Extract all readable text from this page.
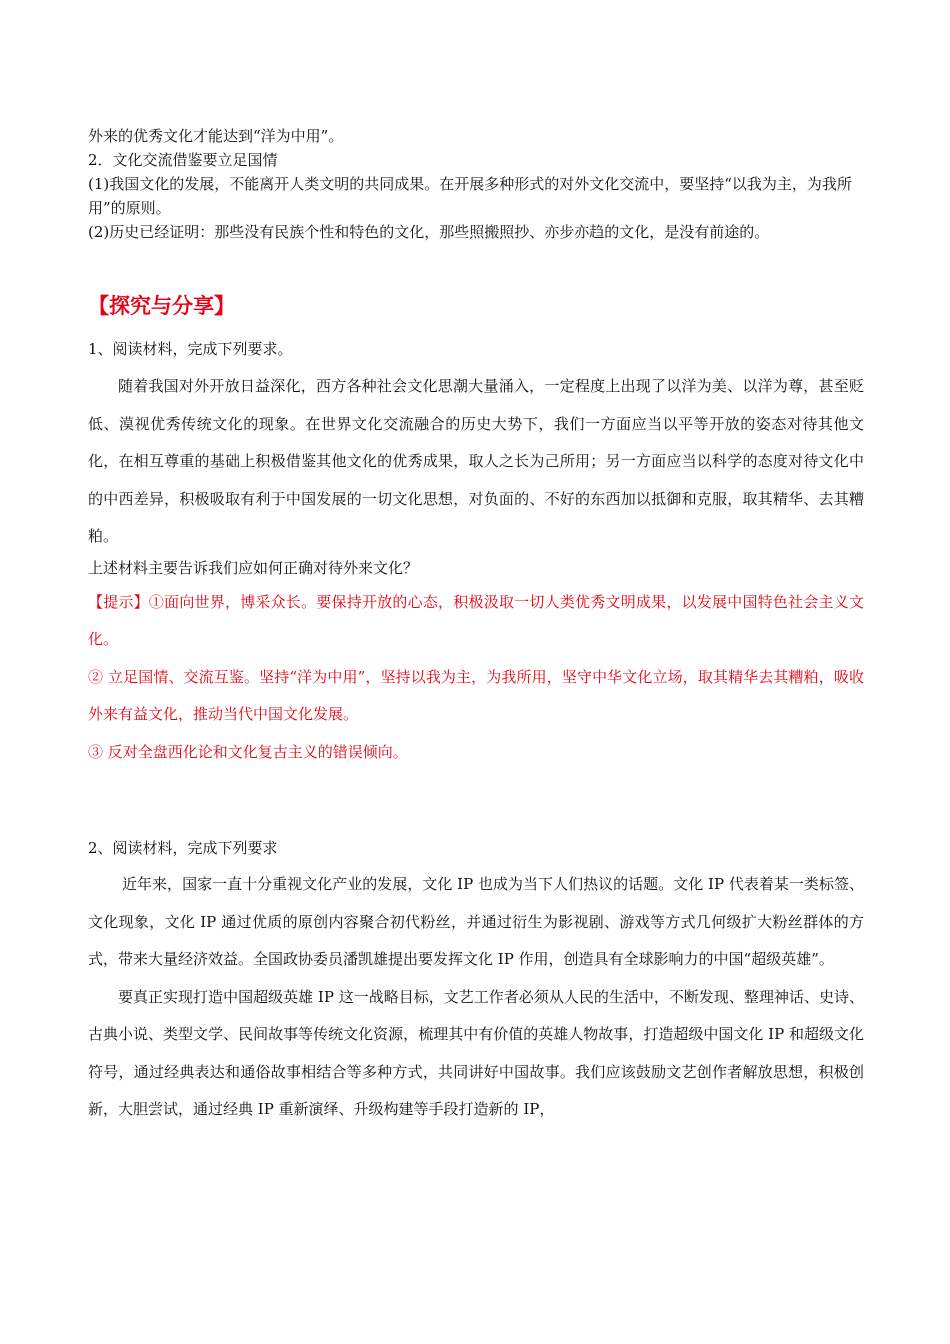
外来的优秀文化才能达到“洋为中用”。

2．文化交流借鉴要立足国情

(1)我国文化的发展，不能离开人类文明的共同成果。在开展多种形式的对外文化交流中，要坚持“以我为主，为我所用”的原则。

(2)历史已经证明：那些没有民族个性和特色的文化，那些照搬照抄、亦步亦趋的文化，是没有前途的。

【探究与分享】

1、阅读材料，完成下列要求。

随着我国对外开放日益深化，西方各种社会文化思潮大量涌入，一定程度上出现了以洋为美、以洋为尊，甚至贬低、漠视优秀传统文化的现象。在世界文化交流融合的历史大势下，我们一方面应当以平等开放的姿态对待其他文化，在相互尊重的基础上积极借鉴其他文化的优秀成果，取人之长为己所用；另一方面应当以科学的态度对待文化中的中西差异，积极吸取有利于中国发展的一切文化思想，对负面的、不好的东西加以抵御和克服，取其精华、去其糟粕。

上述材料主要告诉我们应如何正确对待外来文化？

【提示】①面向世界，博采众长。要保持开放的心态，积极汲取一切人类优秀文明成果，以发展中国特色社会主义文化。

② 立足国情、交流互鉴。坚持“洋为中用”，坚持以我为主，为我所用，坚守中华文化立场，取其精华去其糟粕，吸收外来有益文化，推动当代中国文化发展。

③ 反对全盘西化论和文化复古主义的错误倾向。

2、阅读材料，完成下列要求

近年来，国家一直十分重视文化产业的发展，文化 IP 也成为当下人们热议的话题。文化 IP 代表着某一类标签、文化现象，文化 IP 通过优质的原创内容聚合初代粉丝，并通过衍生为影视剧、游戏等方式几何级扩大粉丝群体的方式，带来大量经济效益。全国政协委员潘凯雄提出要发挥文化 IP 作用，创造具有全球影响力的中国“超级英雄”。

要真正实现打造中国超级英雄 IP 这一战略目标，文艺工作者必须从人民的生活中，不断发现、整理神话、史诗、古典小说、类型文学、民间故事等传统文化资源，梳理其中有价值的英雄人物故事，打造超级中国文化 IP 和超级文化符号，通过经典表达和通俗故事相结合等多种方式，共同讲好中国故事。我们应该鼓励文艺创作者解放思想，积极创新，大胆尝试，通过经典 IP 重新演绎、升级构建等手段打造新的 IP，
